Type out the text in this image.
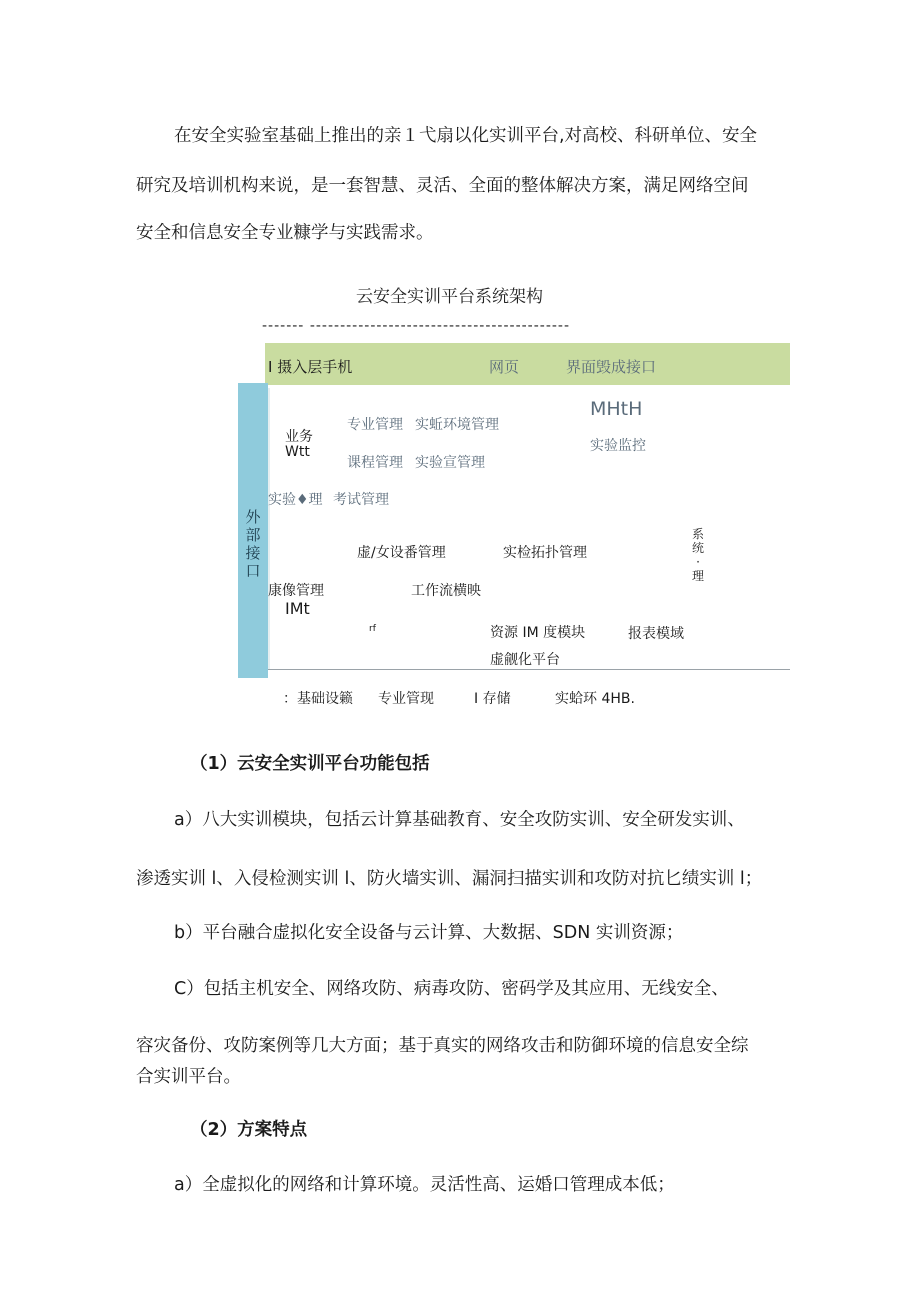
在安全实验室基础上推出的亲１弋扇以化实训平台,对高校、科研单位、安全
研究及培训机构来说，是一套智慧、灵活、全面的整体解决方案，满足网络空间
安全和信息安全专业糠学与实践需求。
云安全实训平台系统架构
------- -------------------------------------------
I 摄入层手机	网页	界面毁成接口
外
部
接
口
业务
Wtt
专业管理 实蚯环境管理
MHtH
实验监控
课程管理 实验宣管理
实验♦理 考试管理
系
统
·
理
虚/女设番管理	实检拓扑管理
康像管理
IMt
工作流横映
rf	资源 IM 度模块	报表模域
虚觎化平台
：基础设籁 专业管现	I 存储	实蛤环 4HB.
（1）云安全实训平台功能包括
a）八大实训模块，包括云计算基础教育、安全攻防实训、安全研发实训、
渗透实训 l、入侵检测实训 l、防火墙实训、漏洞扫描实训和攻防对抗匕绩实训 l；
b）平台融合虚拟化安全设备与云计算、大数据、SDN 实训资源；
C）包括主机安全、网络攻防、病毒攻防、密码学及其应用、无线安全、
容灾备份、攻防案例等几大方面；基于真实的网络攻击和防御环境的信息安全综
合实训平台。
（2）方案特点
a）全虚拟化的网络和计算环境。灵活性高、运婚口管理成本低；
